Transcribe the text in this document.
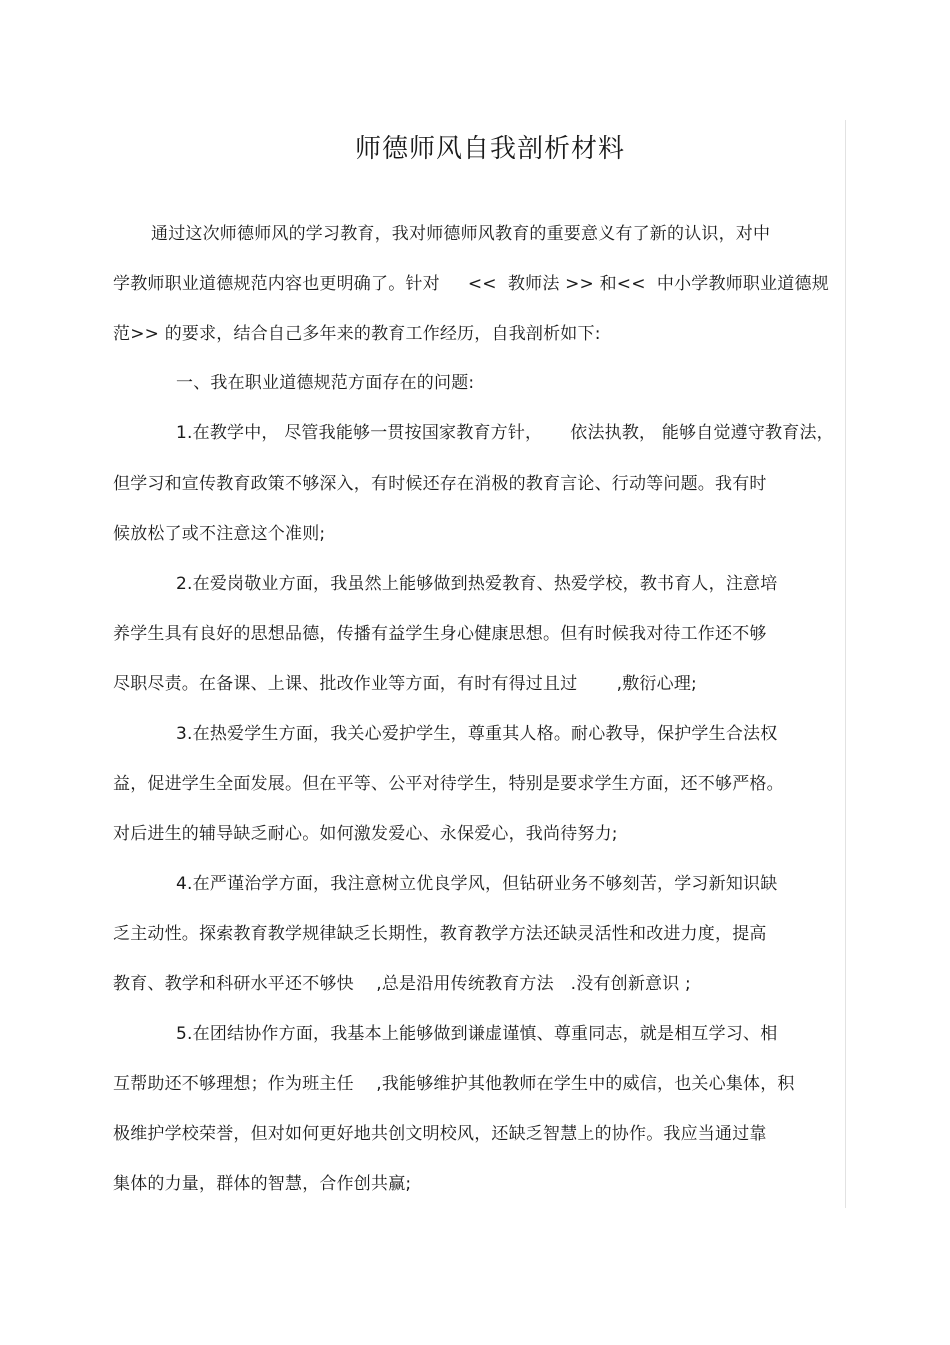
师德师风自我剖析材料
通过这次师德师风的学习教育，我对师德师风教育的重要意义有了新的认识，对中
学教师职业道德规范内容也更明确了。针对     <<  教师法 >> 和<<  中小学教师职业道德规
范>> 的要求，结合自己多年来的教育工作经历，自我剖析如下:
一、我在职业道德规范方面存在的问题:
1.在教学中， 尽管我能够一贯按国家教育方针，     依法执教， 能够自觉遵守教育法，
但学习和宣传教育政策不够深入，有时候还存在消极的教育言论、行动等问题。我有时
候放松了或不注意这个准则;
2.在爱岗敬业方面，我虽然上能够做到热爱教育、热爱学校，教书育人，注意培
养学生具有良好的思想品德，传播有益学生身心健康思想。但有时候我对待工作还不够
尽职尽责。在备课、上课、批改作业等方面，有时有得过且过       ,敷衍心理;
3.在热爱学生方面，我关心爱护学生，尊重其人格。耐心教导，保护学生合法权
益，促进学生全面发展。但在平等、公平对待学生，特别是要求学生方面，还不够严格。
对后进生的辅导缺乏耐心。如何激发爱心、永保爱心，我尚待努力;
4.在严谨治学方面，我注意树立优良学风，但钻研业务不够刻苦，学习新知识缺
乏主动性。探索教育教学规律缺乏长期性，教育教学方法还缺灵活性和改进力度，提高
教育、教学和科研水平还不够快    ,总是沿用传统教育方法   .没有创新意识 ;
5.在团结协作方面，我基本上能够做到谦虚谨慎、尊重同志，就是相互学习、相
互帮助还不够理想；作为班主任    ,我能够维护其他教师在学生中的威信，也关心集体，积
极维护学校荣誉，但对如何更好地共创文明校风，还缺乏智慧上的协作。我应当通过靠
集体的力量，群体的智慧，合作创共赢;
